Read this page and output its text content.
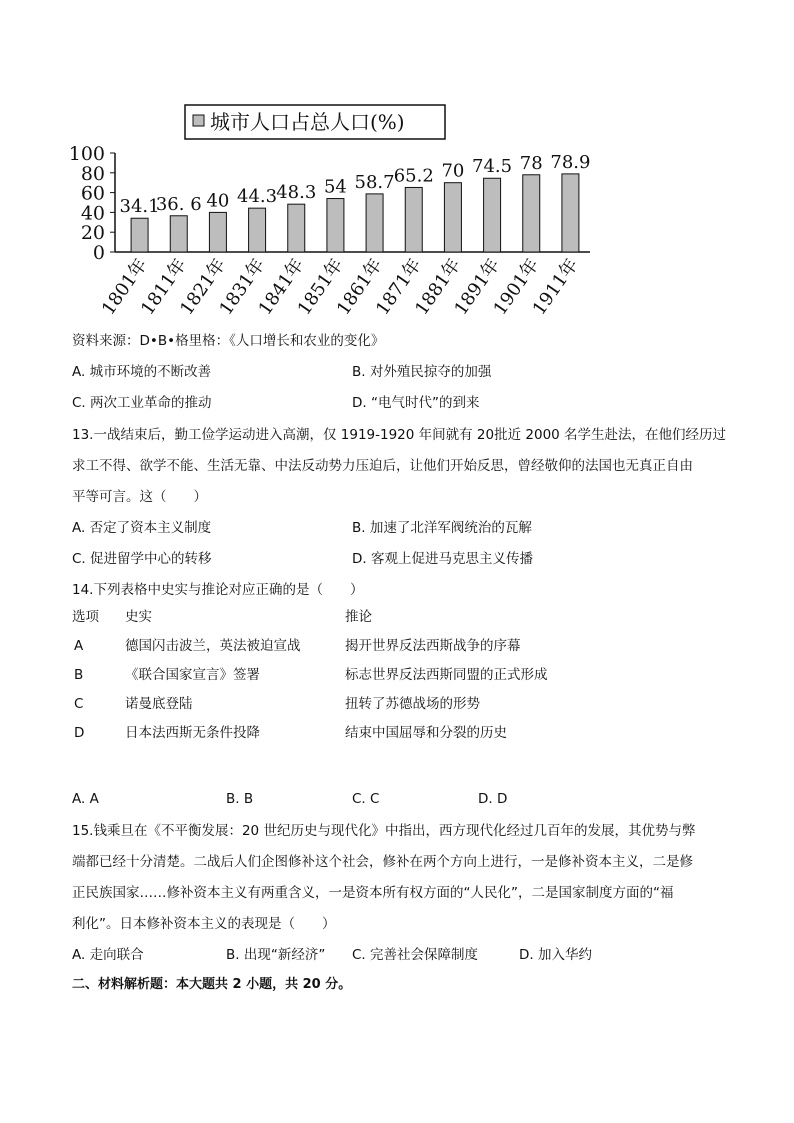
城市人口占总人口(%)
0
20
40
60
80
100
34.1
1801年
36. 6
1811年
40
1821年
44.3
1831年
48.3
1841年
54
1851年
58.7
1861年
65.2
1871年
70
1881年
74.5
1891年
78
1901年
78.9
1911年
资料来源：D•B•格里格：《人口增长和农业的变化》
A. 城市环境的不断改善	B. 对外殖民掠夺的加强
C. 两次工业革命的推动	D. “电气时代”的到来
13.一战结束后，勤工俭学运动进入高潮，仅 1919-1920 年间就有 20批近 2000 名学生赴法，在他们经历过
求工不得、欲学不能、生活无靠、中法反动势力压迫后，让他们开始反思，曾经敬仰的法国也无真正自由
平等可言。这（　　）
A. 否定了资本主义制度	B. 加速了北洋军阀统治的瓦解
C. 促进留学中心的转移	D. 客观上促进马克思主义传播
14.下列表格中史实与推论对应正确的是（　　）
选项 史实	推论
A	德国闪击波兰，英法被迫宣战	揭开世界反法西斯战争的序幕
B	《联合国家宣言》签署	标志世界反法西斯同盟的正式形成
C	诺曼底登陆	扭转了苏德战场的形势
D	日本法西斯无条件投降	结束中国屈辱和分裂的历史
A. A	B. B	C. C	D. D
15.钱乘旦在《不平衡发展：20 世纪历史与现代化》中指出，西方现代化经过几百年的发展，其优势与弊
端都已经十分清楚。二战后人们企图修补这个社会，修补在两个方向上进行，一是修补资本主义，二是修
正民族国家……修补资本主义有两重含义，一是资本所有权方面的“人民化”，二是国家制度方面的“福
利化”。日本修补资本主义的表现是（　　）
A. 走向联合	B. 出现“新经济” C. 完善社会保障制度	D. 加入华约
二、材料解析题：本大题共 2 小题，共 20 分。
